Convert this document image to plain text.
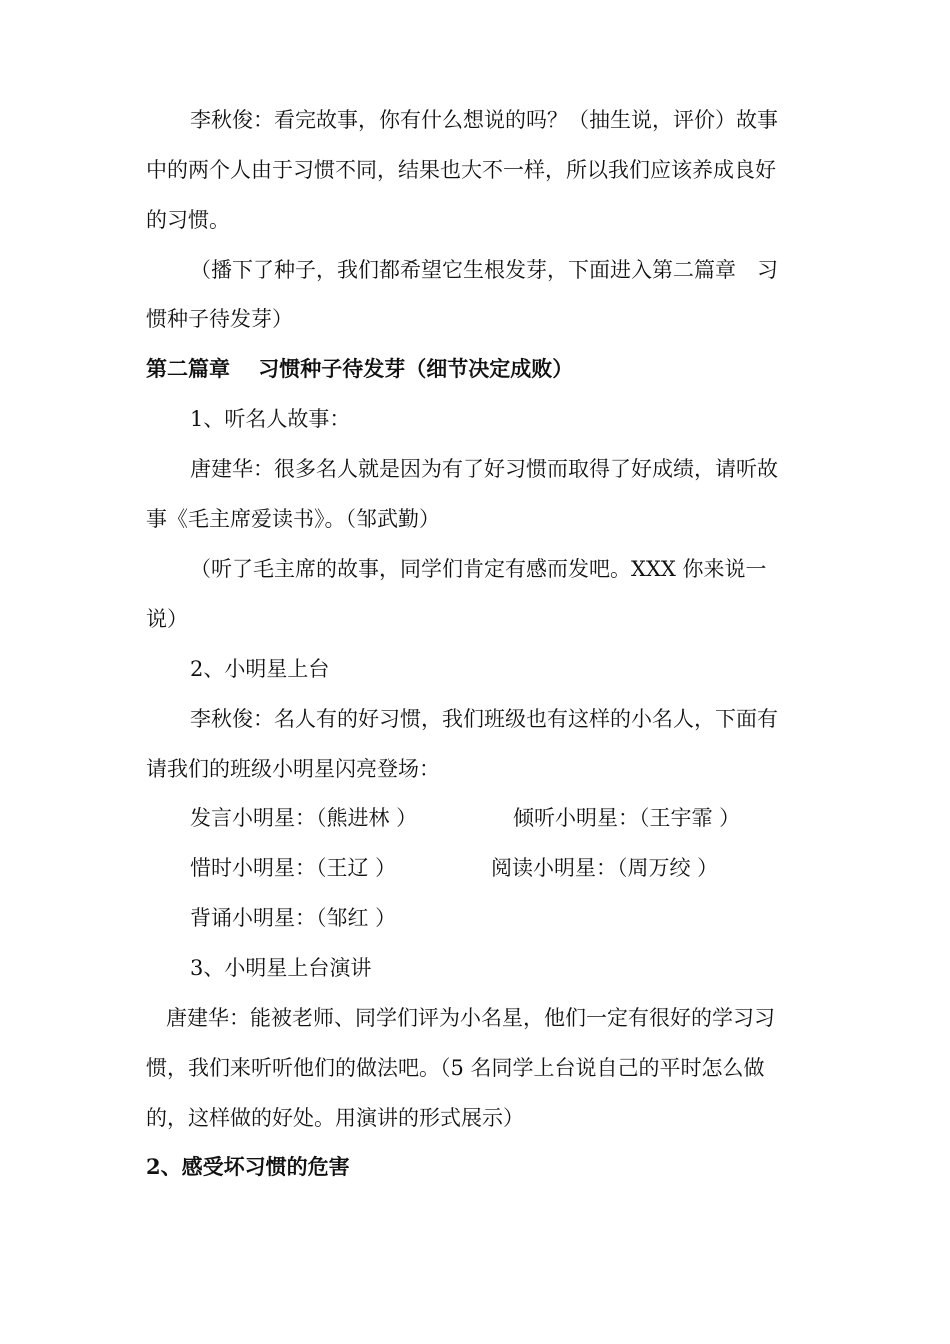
李秋俊：看完故事，你有什么想说的吗？（抽生说，评价）故事
中的两个人由于习惯不同，结果也大不一样，所以我们应该养成良好
的习惯。
（播下了种子，我们都希望它生根发芽，下面进入第二篇章　习
惯种子待发芽）
第二篇章　 习惯种子待发芽（细节决定成败）
1、听名人故事：
唐建华：很多名人就是因为有了好习惯而取得了好成绩，请听故
事《毛主席爱读书》。（邹武勤）
（听了毛主席的故事，同学们肯定有感而发吧。XXX 你来说一
说）
2、小明星上台
李秋俊：名人有的好习惯，我们班级也有这样的小名人，下面有
请我们的班级小明星闪亮登场：
发言小明星：（熊进林 ）	倾听小明星：（王宇霏 ）
惜时小明星：（王辽 ）	阅读小明星：（周万绞 ）
背诵小明星：（邹红 ）
3、小明星上台演讲
唐建华：能被老师、同学们评为小名星，他们一定有很好的学习习
惯，我们来听听他们的做法吧。（5 名同学上台说自己的平时怎么做
的，这样做的好处。用演讲的形式展示）
2、感受坏习惯的危害
